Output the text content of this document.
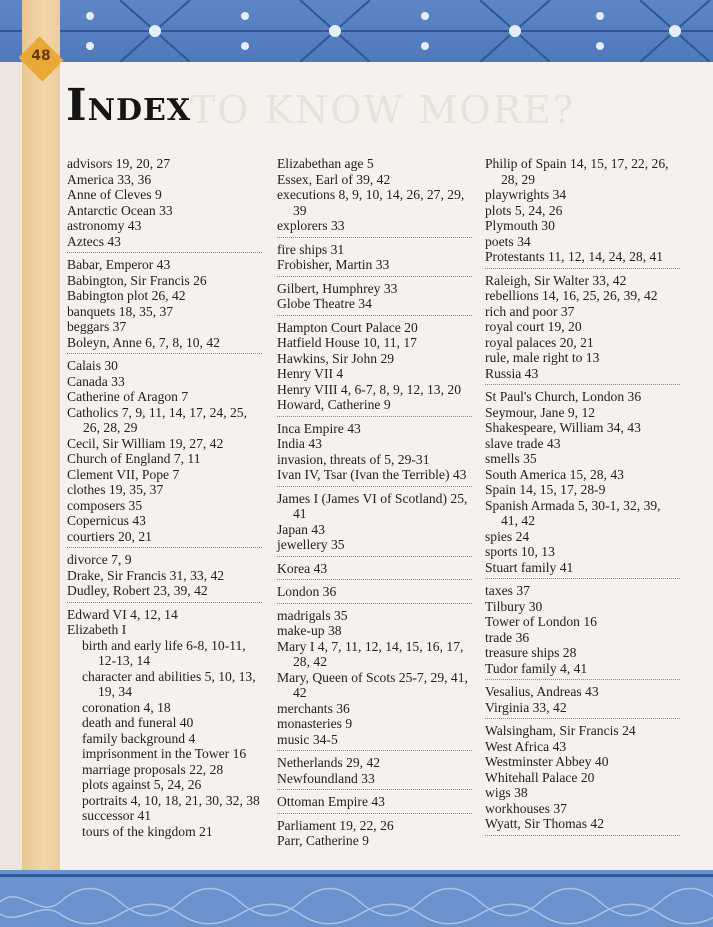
48
TO KNOW MORE?
INDEX
advisors 19, 20, 27
America 33, 36
Anne of Cleves 9
Antarctic Ocean 33
astronomy 43
Aztecs 43
Babar, Emperor 43
Babington, Sir Francis 26
Babington plot 26, 42
banquets 18, 35, 37
beggars 37
Boleyn, Anne 6, 7, 8, 10, 42
Calais 30
Canada 33
Catherine of Aragon 7
Catholics 7, 9, 11, 14, 17, 24, 25, 26, 28, 29
Cecil, Sir William 19, 27, 42
Church of England 7, 11
Clement VII, Pope 7
clothes 19, 35, 37
composers 35
Copernicus 43
courtiers 20, 21
divorce 7, 9
Drake, Sir Francis 31, 33, 42
Dudley, Robert 23, 39, 42
Edward VI 4, 12, 14
Elizabeth I
birth and early life 6-8, 10-11, 12-13, 14
character and abilities 5, 10, 13, 19, 34
coronation 4, 18
death and funeral 40
family background 4
imprisonment in the Tower 16
marriage proposals 22, 28
plots against 5, 24, 26
portraits 4, 10, 18, 21, 30, 32, 38
successor 41
tours of the kingdom 21
Elizabethan age 5
Essex, Earl of 39, 42
executions 8, 9, 10, 14, 26, 27, 29, 39
explorers 33
fire ships 31
Frobisher, Martin 33
Gilbert, Humphrey 33
Globe Theatre 34
Hampton Court Palace 20
Hatfield House 10, 11, 17
Hawkins, Sir John 29
Henry VII 4
Henry VIII 4, 6-7, 8, 9, 12, 13, 20
Howard, Catherine 9
Inca Empire 43
India 43
invasion, threats of 5, 29-31
Ivan IV, Tsar (Ivan the Terrible) 43
James I (James VI of Scotland) 25, 41
Japan 43
jewellery 35
Korea 43
London 36
madrigals 35
make-up 38
Mary I 4, 7, 11, 12, 14, 15, 16, 17, 28, 42
Mary, Queen of Scots 25-7, 29, 41, 42
merchants 36
monasteries 9
music 34-5
Netherlands 29, 42
Newfoundland 33
Ottoman Empire 43
Parliament 19, 22, 26
Parr, Catherine 9
Philip of Spain 14, 15, 17, 22, 26, 28, 29
playwrights 34
plots 5, 24, 26
Plymouth 30
poets 34
Protestants 11, 12, 14, 24, 28, 41
Raleigh, Sir Walter 33, 42
rebellions 14, 16, 25, 26, 39, 42
rich and poor 37
royal court 19, 20
royal palaces 20, 21
rule, male right to 13
Russia 43
St Paul's Church, London 36
Seymour, Jane 9, 12
Shakespeare, William 34, 43
slave trade 43
smells 35
South America 15, 28, 43
Spain 14, 15, 17, 28-9
Spanish Armada 5, 30-1, 32, 39, 41, 42
spies 24
sports 10, 13
Stuart family 41
taxes 37
Tilbury 30
Tower of London 16
trade 36
treasure ships 28
Tudor family 4, 41
Vesalius, Andreas 43
Virginia 33, 42
Walsingham, Sir Francis 24
West Africa 43
Westminster Abbey 40
Whitehall Palace 20
wigs 38
workhouses 37
Wyatt, Sir Thomas 42
